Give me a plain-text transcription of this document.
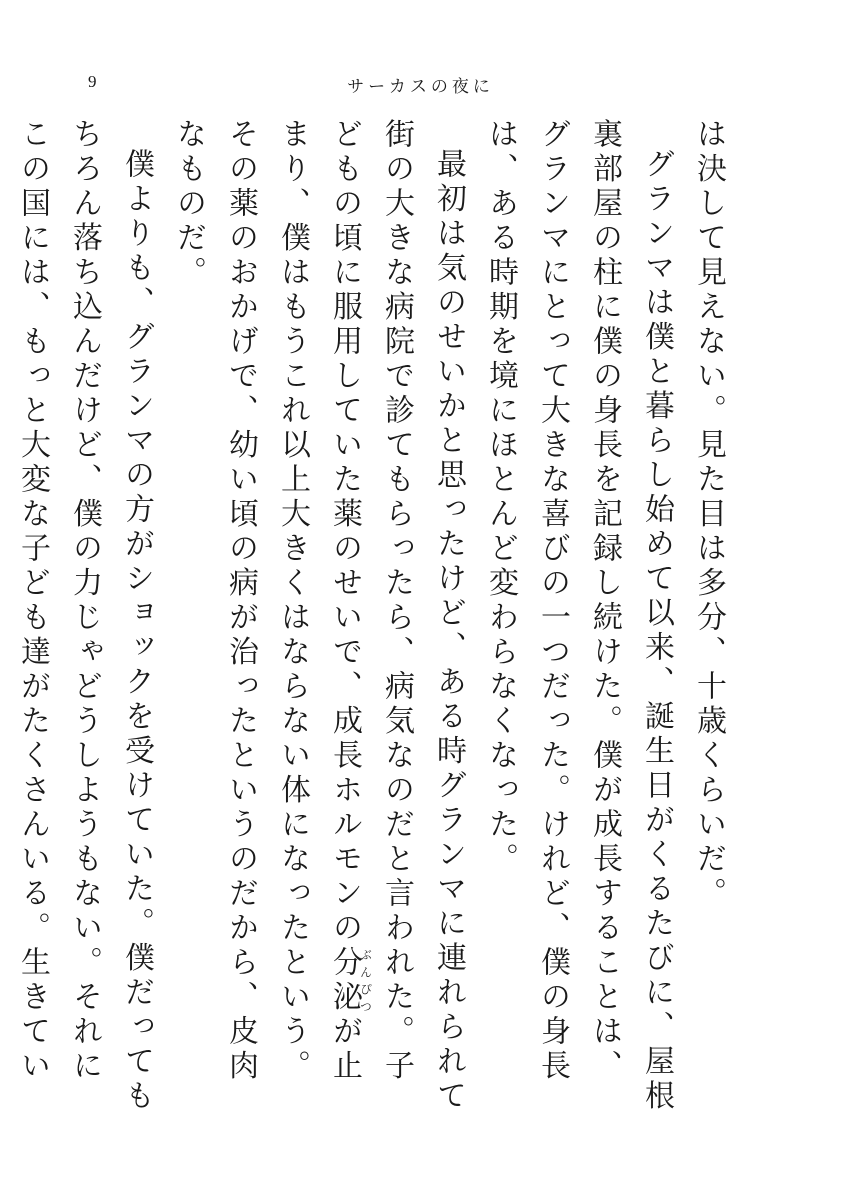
9	サーカスの夜に

は決して見えない。見た目は多分、十歳くらいだ。

グランマは僕と暮らし始めて以来、誕生日がくるたびに、屋根裏部屋の柱に僕の身長を記録し続けた。僕が成長することは、グランマにとって大きな喜びの一つだった。けれど、僕の身長は、ある時期を境にほとんど変わらなくなった。

最初は気のせいかと思ったけど、ある時グランマに連れられて街の大きな病院で診てもらったら、病気なのだと言われた。子どもの頃に服用していた薬のせいで、成長ホルモンの分泌ぶんぴつが止まり、僕はもうこれ以上大きくはならない体になったという。その薬のおかげで、幼い頃の病が治ったというのだから、皮肉なものだ。

僕よりも、グランマの方がショックを受けていた。僕だってもちろん落ち込んだけど、僕の力じゃどうしようもない。それにこの国には、もっと大変な子ども達がたくさんいる。生きてい
